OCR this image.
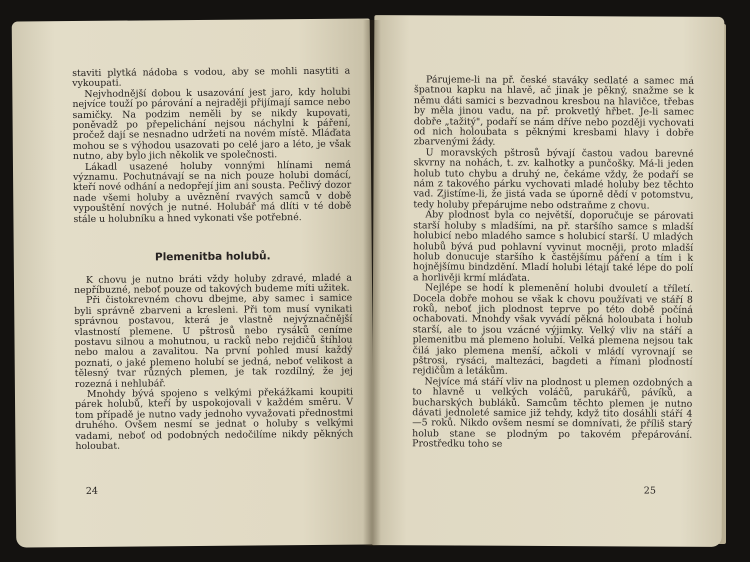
staviti plytká nádoba s vodou, aby se mohli nasytiti a vykoupati.

Nejvhodnější dobou k usazování jest jaro, kdy holubi nejvíce touží po párování a nejraději přijímají samce nebo samičky. Na podzim neměli by se nikdy kupovati, poněvadž po přepelichání nejsou náchylni k páření, pročež dají se nesnadno udržeti na novém místě. Mláďata mohou se s výhodou usazovati po celé jaro a léto, je však nutno, aby bylo jich několik ve společnosti.

Lákadl usazené holuby vonnými hlínami nemá významu. Pochutnávají se na nich pouze holubi domácí, kteří nové odhání a nedopřejí jim ani sousta. Pečlivý dozor nade všemi holuby a uvěznění rvavých samců v době vypouštění nových je nutné. Holubář má dlíti v té době stále u holubníku a hned vykonati vše potřebné.

Plemenitba holubů.

K chovu je nutno bráti vždy holuby zdravé, mladé a nepříbuzné, neboť pouze od takových budeme míti užitek.

Při čistokrevném chovu dbejme, aby samec i samice byli správně zbarveni a kresleni. Při tom musí vynikati správnou postavou, která je vlastně nejvýznačnější vlastností plemene. U pštrosů nebo rysáků ceníme postavu silnou a mohutnou, u racků nebo rejdičů štíhlou nebo malou a zavalitou. Na první pohled musí každý poznati, o jaké plemeno holubí se jedná, neboť velikost a tělesný tvar různých plemen, je tak rozdílný, že jej rozezná i nehlubář.

Mnohdy bývá spojeno s velkými překážkami koupiti párek holubů, kteří by uspokojovali v každém směru. V tom případě je nutno vady jednoho vyvažovati přednostmi druhého. Ovšem nesmí se jednat o holuby s velkými vadami, neboť od podobných nedočilíme nikdy pěkných holoubat.

24

Párujeme-li na př. české staváky sedlaté a samec má špatnou kapku na hlavě, ač jinak je pěkný, snažme se k němu dáti samici s bezvadnou kresbou na hlavičce, třebas by měla jinou vadu, na př. prokvetlý hřbet. Je-li samec dobře „tažitý", podaří se nám dříve nebo později vychovati od nich holoubata s pěknými kresbami hlavy i dobře zbarvenými žády.

U moravských pštrosů bývají častou vadou barevné skvrny na nohách, t. zv. kalhotky a punčošky. Má-li jeden holub tuto chybu a druhý ne, čekáme vždy, že podaří se nám z takového párku vychovati mladé holuby bez těchto vad. Zjistíme-li, že jistá vada se úporně dědí v potomstvu, tedy holuby přepárujme nebo odstraňme z chovu.

Aby plodnost byla co největší, doporučuje se párovati starší holuby s mladšími, na př. staršího samce s mladší holubicí nebo mladého samce s holubicí starší. U mladých holubů bývá pud pohlavní vyvinut mocněji, proto mladší holub donucuje staršího k častějšímu páření a tím i k hojnějšímu bindzdění. Mladí holubi létají také lépe do polí a horlivěji krmí mláďata.

Nejlépe se hodí k plemenění holubi dvouletí a tříletí. Docela dobře mohou se však k chovu používati ve stáří 8 roků, neboť jich plodnost teprve po této době počíná ochabovati. Mnohdy však vyvádí pěkná holoubata i holub starší, ale to jsou vzácné výjimky. Velký vliv na stáří a plemenitbu má plemeno holubí. Velká plemena nejsou tak čilá jako plemena menší, ačkoli v mládí vyrovnají se pštrosi, rysáci, maltezáci, bagdeti a římani plodností rejdičům a letákům.

Nejvíce má stáří vliv na plodnost u plemen ozdobných a to hlavně u velkých voláčů, parukářů, pávíků, a bucharských bubláků. Samcům těchto plemen je nutno dávati jednoleté samice již tehdy, když tito dosáhli stáří 4—5 roků. Nikdo ovšem nesmí se domnívati, že příliš starý holub stane se plodným po takovém přepárování. Prostředku toho se

25
